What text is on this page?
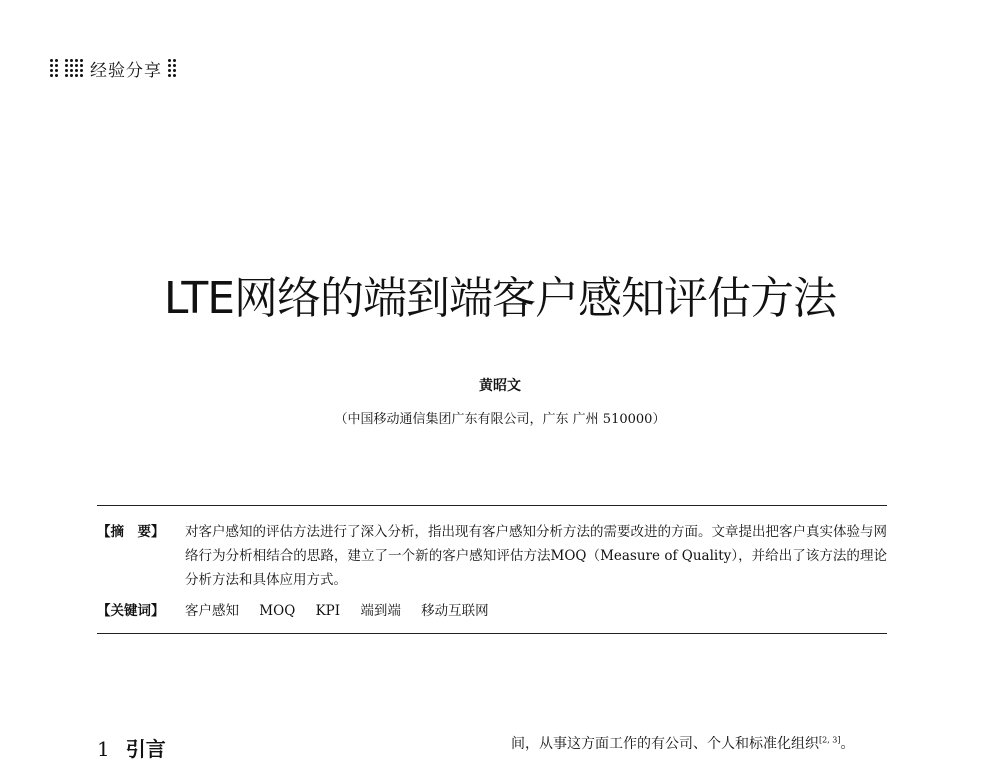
经验分享
LTE网络的端到端客户感知评估方法
黄昭文
（中国移动通信集团广东有限公司，广东 广州 510000）
【摘　要】	对客户感知的评估方法进行了深入分析，指出现有客户感知分析方法的需要改进的方面。文章提出把客户真实体验与网络行为分析相结合的思路，建立了一个新的客户感知评估方法MOQ（Measure of Quality），并给出了该方法的理论分析方法和具体应用方式。
【关键词】	客户感知 MOQ KPI 端到端 移动互联网
1 引言	间，从事这方面工作的有公司、个人和标准化组织[2, 3]。
